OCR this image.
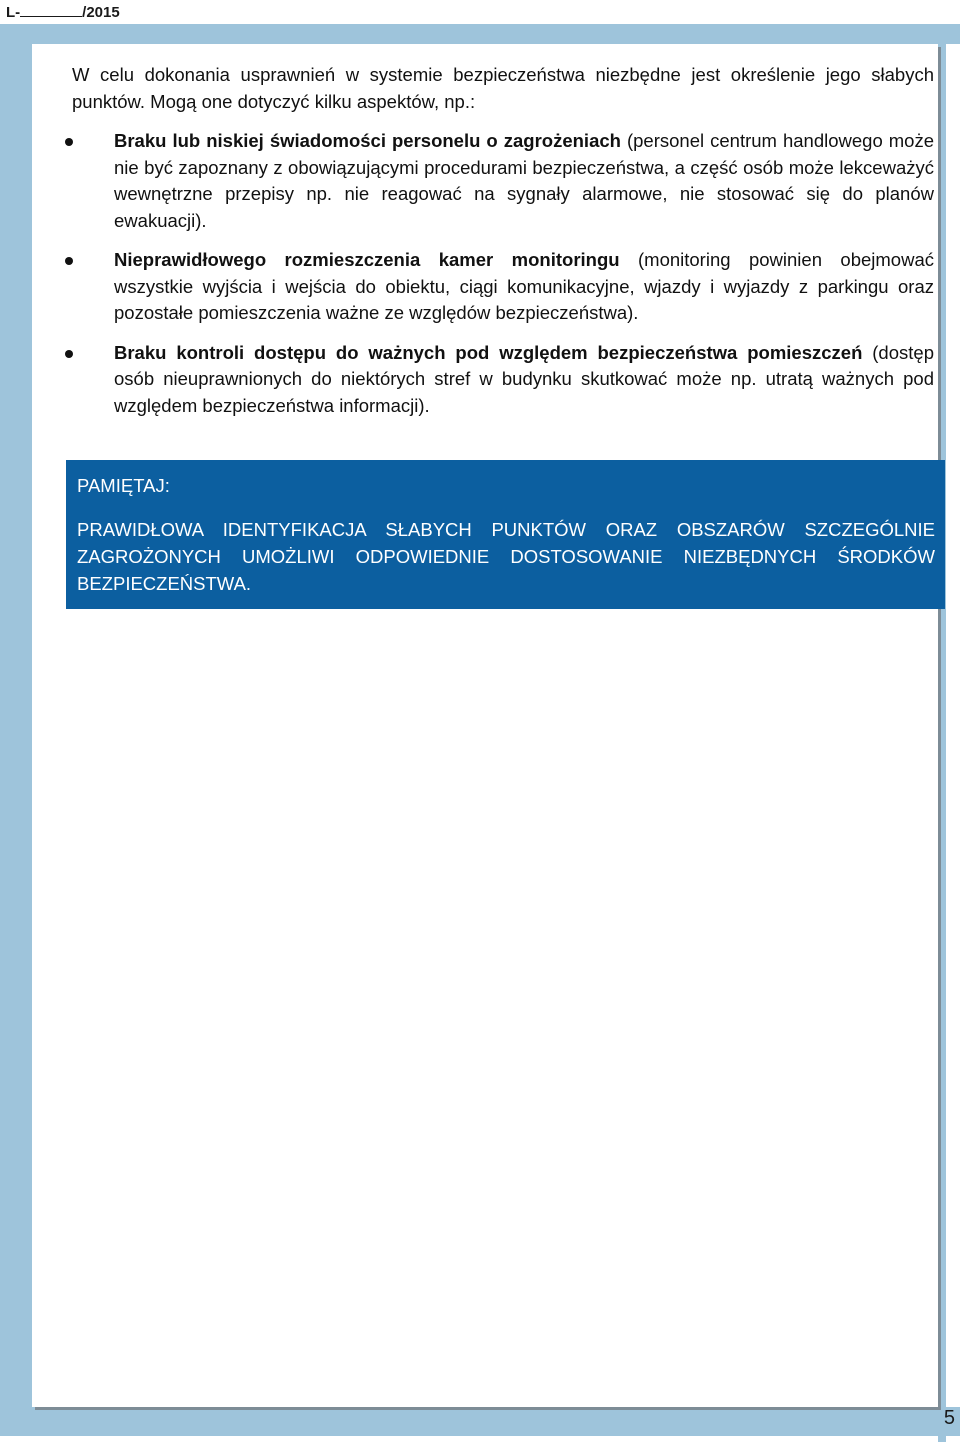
L-	/2015

W celu dokonania usprawnień w systemie bezpieczeństwa niezbędne jest określenie jego słabych punktów. Mogą one dotyczyć kilku aspektów, np.:

Braku lub niskiej świadomości personelu o zagrożeniach (personel centrum handlowego może nie być zapoznany z obowiązującymi procedurami bezpieczeństwa, a część osób może lekceważyć wewnętrzne przepisy np. nie reagować na sygnały alarmowe, nie stosować się do planów ewakuacji).
Nieprawidłowego rozmieszczenia kamer monitoringu (monitoring powinien obejmować wszystkie wyjścia i wejścia do obiektu, ciągi komunikacyjne, wjazdy i wyjazdy z parkingu oraz pozostałe pomieszczenia ważne ze względów bezpieczeństwa).
Braku kontroli dostępu do ważnych pod względem bezpieczeństwa pomieszczeń (dostęp osób nieuprawnionych do niektórych stref w budynku skutkować może np. utratą ważnych pod względem bezpieczeństwa informacji).

PAMIĘTAJ:

PRAWIDŁOWA IDENTYFIKACJA SŁABYCH PUNKTÓW ORAZ OBSZARÓW SZCZEGÓLNIE ZAGROŻONYCH UMOŻLIWI ODPOWIEDNIE DOSTOSOWANIE NIEZBĘDNYCH ŚRODKÓW BEZPIECZEŃSTWA.

5
